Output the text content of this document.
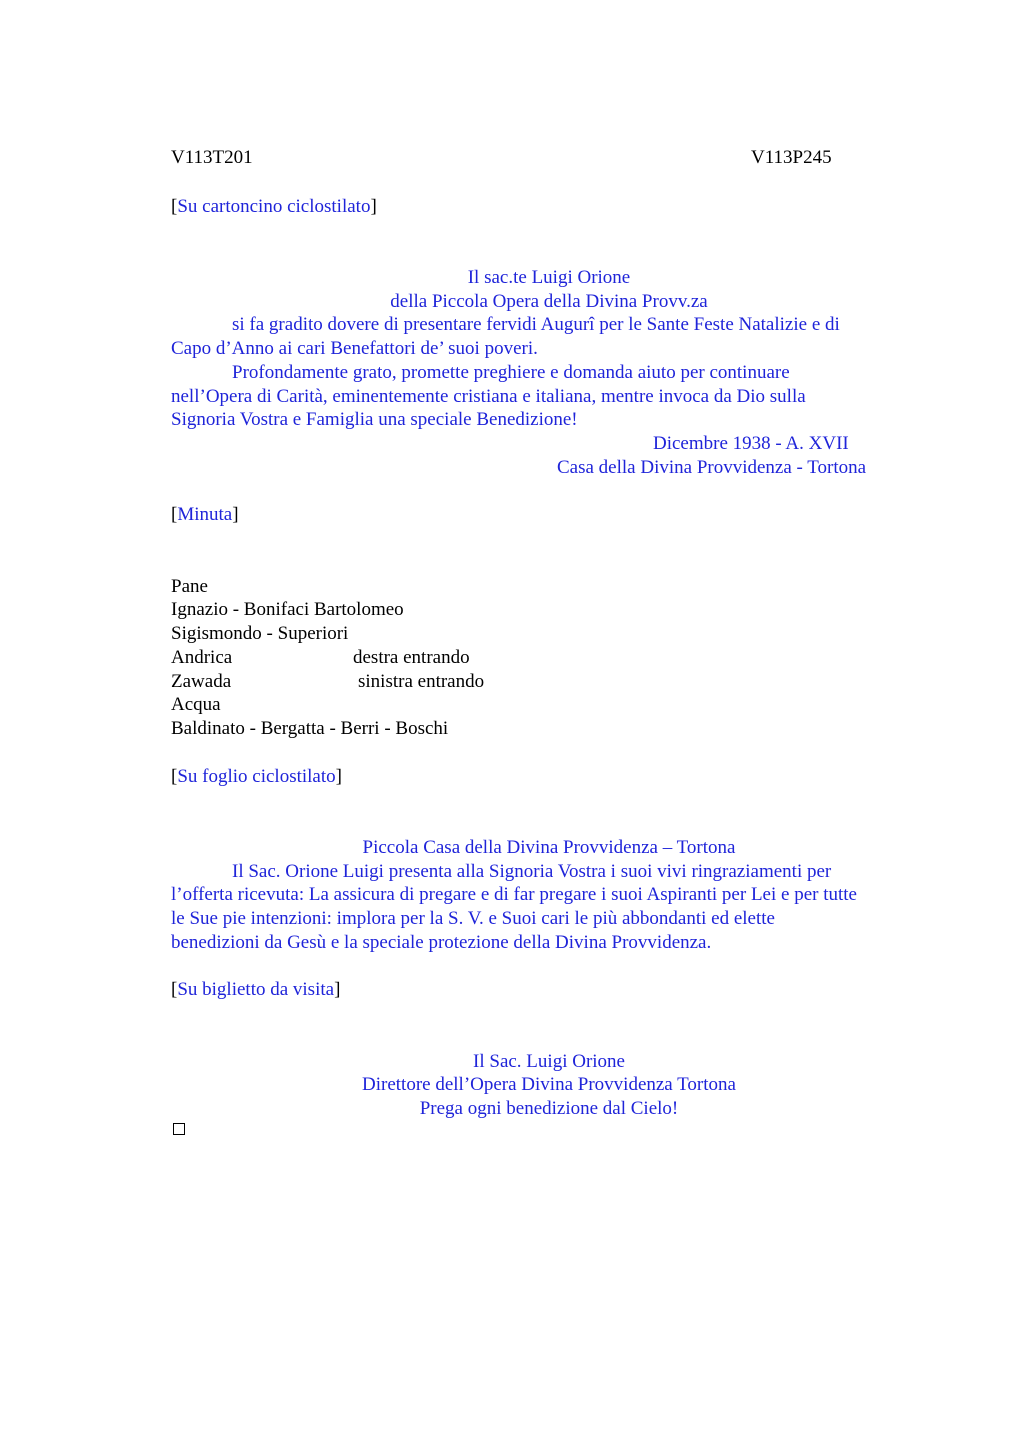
V113T201	V113P245
[Su cartoncino ciclostilato]
Il sac.te Luigi Orione
della Piccola Opera della Divina Provv.za
si fa gradito dovere di presentare fervidi Augurî per le Sante Feste Natalizie e di
Capo d’Anno ai cari Benefattori de’ suoi poveri.
Profondamente grato, promette preghiere e domanda aiuto per continuare
nell’Opera di Carità, eminentemente cristiana e italiana, mentre invoca da Dio sulla
Signoria Vostra e Famiglia una speciale Benedizione!
Dicembre 1938 - A. XVII
Casa della Divina Provvidenza - Tortona
[Minuta]
Pane
Ignazio - Bonifaci Bartolomeo
Sigismondo - Superiori
Andrica	destra entrando
Zawada	sinistra entrando
Acqua
Baldinato - Bergatta - Berri - Boschi
[Su foglio ciclostilato]
Piccola Casa della Divina Provvidenza – Tortona
Il Sac. Orione Luigi presenta alla Signoria Vostra i suoi vivi ringraziamenti per
l’offerta ricevuta: La assicura di pregare e di far pregare i suoi Aspiranti per Lei e per tutte
le Sue pie intenzioni: implora per la S. V. e Suoi cari le più abbondanti ed elette
benedizioni da Gesù e la speciale protezione della Divina Provvidenza.
[Su biglietto da visita]
Il Sac. Luigi Orione
Direttore dell’Opera Divina Provvidenza Tortona
Prega ogni benedizione dal Cielo!
